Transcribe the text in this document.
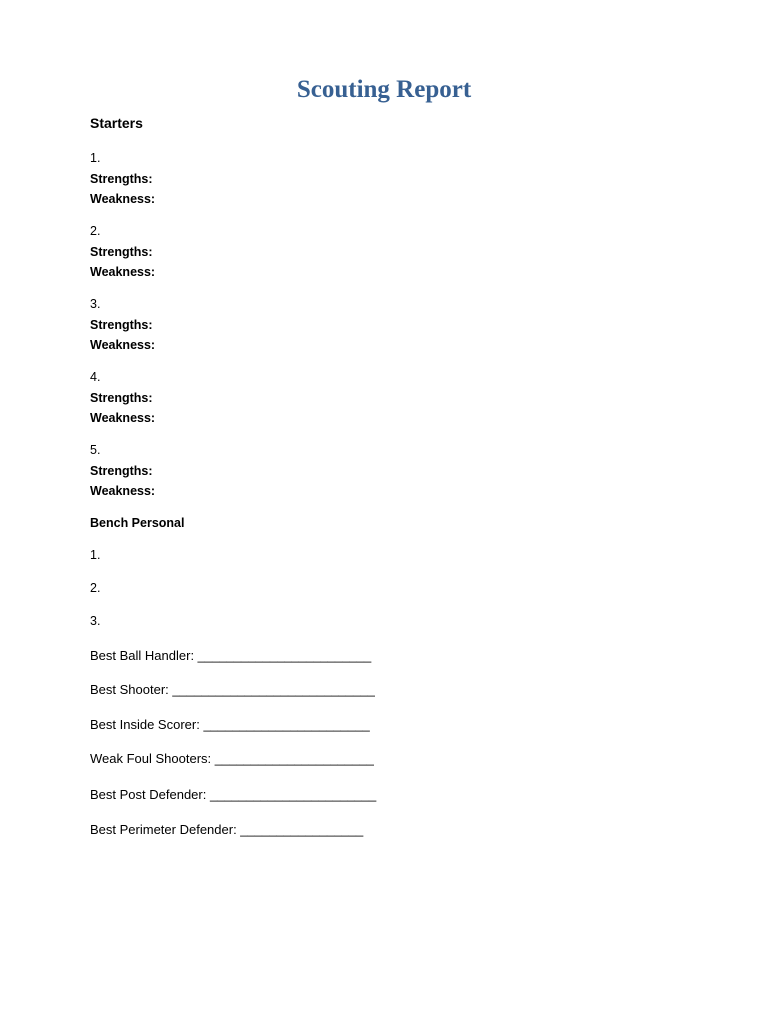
Scouting Report
Starters
1.
Strengths:
Weakness:
2.
Strengths:
Weakness:
3.
Strengths:
Weakness:
4.
Strengths:
Weakness:
5.
Strengths:
Weakness:
Bench Personal
1.
2.
3.
Best Ball Handler: ________________________
Best Shooter: ____________________________
Best Inside Scorer: _______________________
Weak Foul Shooters: ______________________
Best Post Defender: _______________________
Best Perimeter Defender: _________________
